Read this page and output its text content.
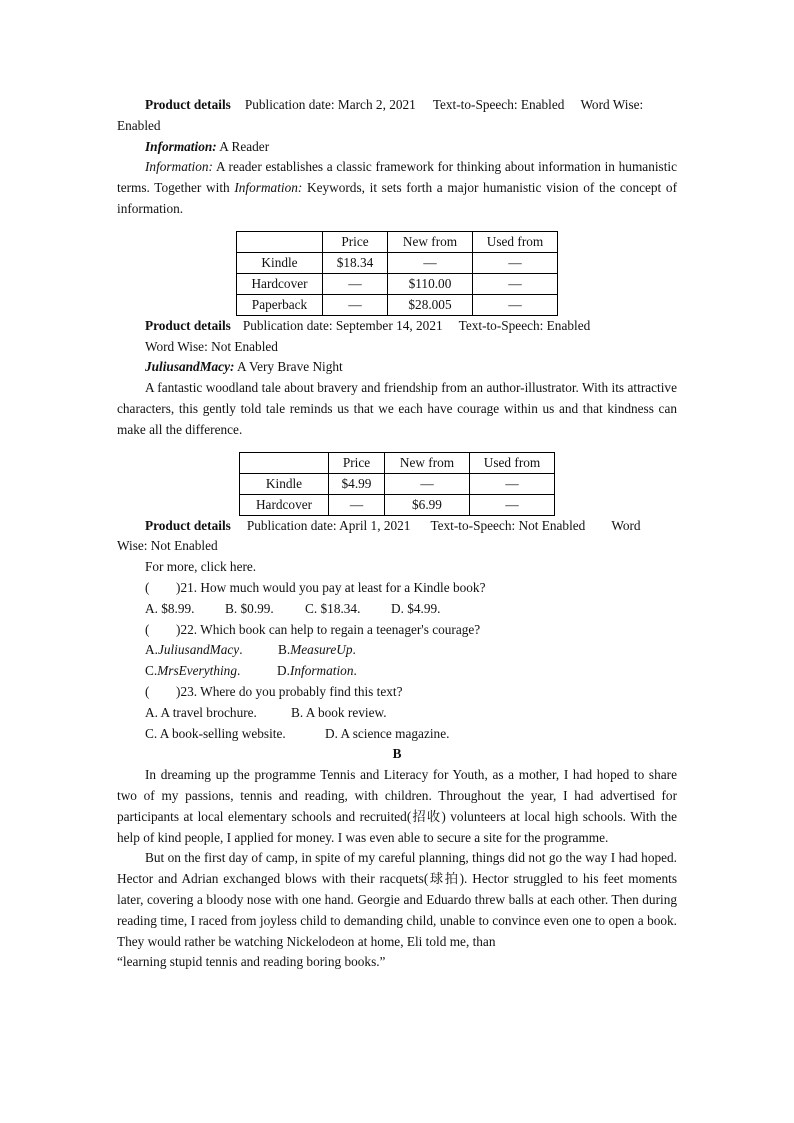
Product details Publication date: March 2, 2021 Text-to-Speech: Enabled Word Wise:

Enabled

Information: A Reader

Information: A reader establishes a classic framework for thinking about information in humanistic terms. Together with Information: Keywords, it sets forth a major humanistic vision of the concept of information.

	Price	New from	Used from
Kindle	$18.34	—	—
Hardcover	—	$110.00	—
Paperback	—	$28.005	—

Product details Publication date: September 14, 2021 Text-to-Speech: Enabled

Word Wise: Not Enabled

JuliusandMacy: A Very Brave Night

A fantastic woodland tale about bravery and friendship from an author-illustrator. With its attractive characters, this gently told tale reminds us that we each have courage within us and that kindness can make all the difference.

	Price	New from	Used from
Kindle	$4.99	—	—
Hardcover	—	$6.99	—

Product details Publication date: April 1, 2021 Text-to-Speech: Not Enabled Word

Wise: Not Enabled

For more, click here.

(　　)21. How much would you pay at least for a Kindle book?

A. $8.99. B. $0.99. C. $18.34. D. $4.99.

(　　)22. Which book can help to regain a teenager's courage?

A.JuliusandMacy.	B.MeasureUp.

C.MrsEverything.	D.Information.

(　　)23. Where do you probably find this text?

A. A travel brochure.	B. A book review.

C. A book-selling website.	D. A science magazine.

B

In dreaming up the programme Tennis and Literacy for Youth, as a mother, I had hoped to share two of my passions, tennis and reading, with children. Throughout the year, I had advertised for participants at local elementary schools and recruited(招收) volunteers at local high schools. With the help of kind people, I applied for money. I was even able to secure a site for the programme.

But on the first day of camp, in spite of my careful planning, things did not go the way I had hoped. Hector and Adrian exchanged blows with their racquets(球拍). Hector struggled to his feet moments later, covering a bloody nose with one hand. Georgie and Eduardo threw balls at each other. Then during reading time, I raced from joyless child to demanding child, unable to convince even one to open a book. They would rather be watching Nickelodeon at home, Eli told me, than

“learning stupid tennis and reading boring books.”
